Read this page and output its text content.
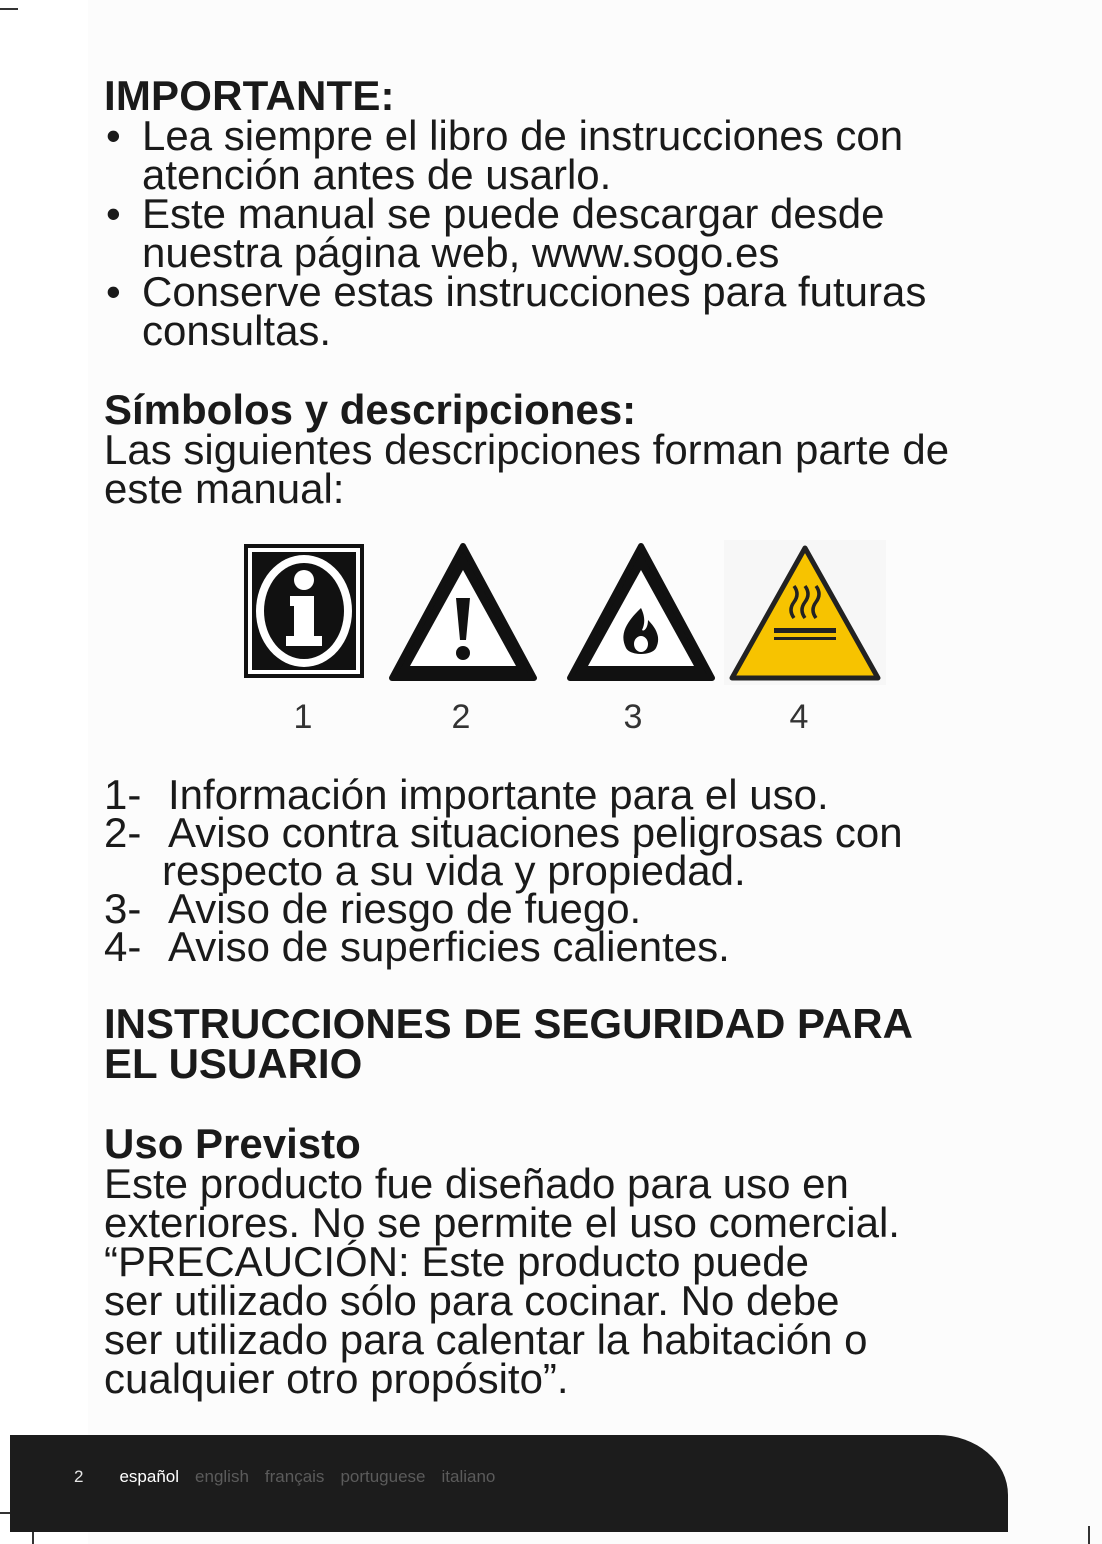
IMPORTANTE:
• Lea siempre el libro de instrucciones con
atención antes de usarlo.
• Este manual se puede descargar desde
nuestra página web, www.sogo.es
• Conserve estas instrucciones para futuras
consultas.
Símbolos y descripciones:

Las siguientes descripciones forman parte de
este manual:

1	2	3	4
1- Información importante para el uso.
2- Aviso contra situaciones peligrosas con
respecto a su vida y propiedad.
3- Aviso de riesgo de fuego.
4- Aviso de superficies calientes.
INSTRUCCIONES DE SEGURIDAD PARA
EL USUARIO
Uso Previsto

Este producto fue diseñado para uso en
exteriores. No se permite el uso comercial.
“PRECAUCIÓN: Este producto puede
ser utilizado sólo para cocinar. No debe
ser utilizado para calentar la habitación o
cualquier otro propósito”.

2 español english français portuguese italiano
